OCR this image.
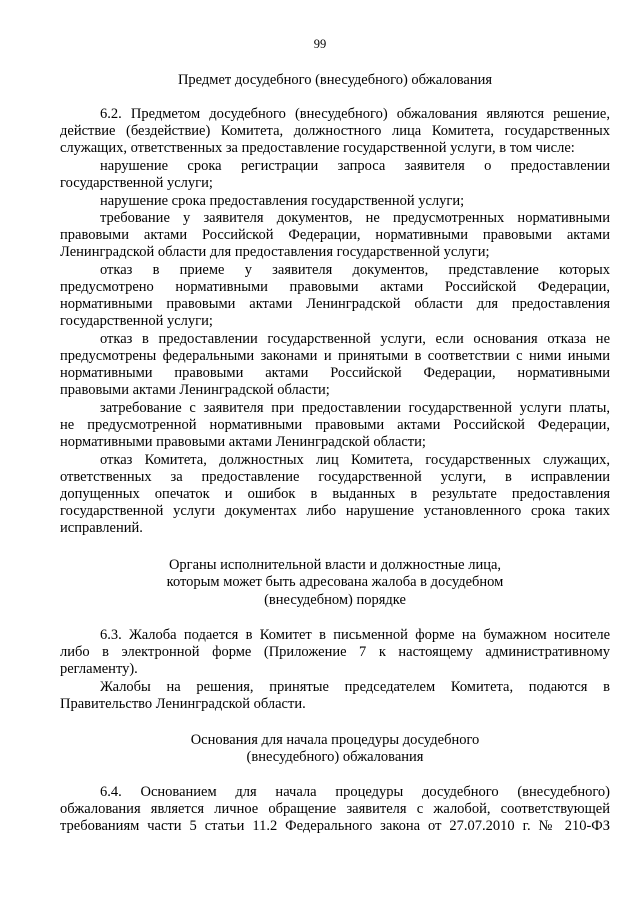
99
Предмет досудебного (внесудебного) обжалования
6.2. Предметом досудебного (внесудебного) обжалования являются решение,
действие (бездействие) Комитета, должностного лица Комитета, государственных
служащих, ответственных за предоставление государственной услуги, в том числе:
нарушение срока регистрации запроса заявителя о предоставлении
государственной услуги;
нарушение срока предоставления государственной услуги;
требование у заявителя документов, не предусмотренных нормативными
правовыми актами Российской Федерации, нормативными правовыми актами
Ленинградской области для предоставления государственной услуги;
отказ в приеме у заявителя документов, представление которых
предусмотрено нормативными правовыми актами Российской Федерации,
нормативными правовыми актами Ленинградской области для предоставления
государственной услуги;
отказ в предоставлении государственной услуги, если основания отказа не
предусмотрены федеральными законами и принятыми в соответствии с ними иными
нормативными правовыми актами Российской Федерации, нормативными
правовыми актами Ленинградской области;
затребование с заявителя при предоставлении государственной услуги платы,
не предусмотренной нормативными правовыми актами Российской Федерации,
нормативными правовыми актами Ленинградской области;
отказ Комитета, должностных лиц Комитета, государственных служащих,
ответственных за предоставление государственной услуги, в исправлении
допущенных опечаток и ошибок в выданных в результате предоставления
государственной услуги документах либо нарушение установленного срока таких
исправлений.
Органы исполнительной власти и должностные лица,
которым может быть адресована жалоба в досудебном
(внесудебном) порядке
6.3. Жалоба подается в Комитет в письменной форме на бумажном носителе
либо в электронной форме (Приложение 7 к настоящему административному
регламенту).
Жалобы на решения, принятые председателем Комитета, подаются в
Правительство Ленинградской области.
Основания для начала процедуры досудебного
(внесудебного) обжалования
6.4. Основанием для начала процедуры досудебного (внесудебного)
обжалования является личное обращение заявителя с жалобой, соответствующей
требованиям части 5 статьи 11.2 Федерального закона от 27.07.2010 г. № 210-ФЗ
